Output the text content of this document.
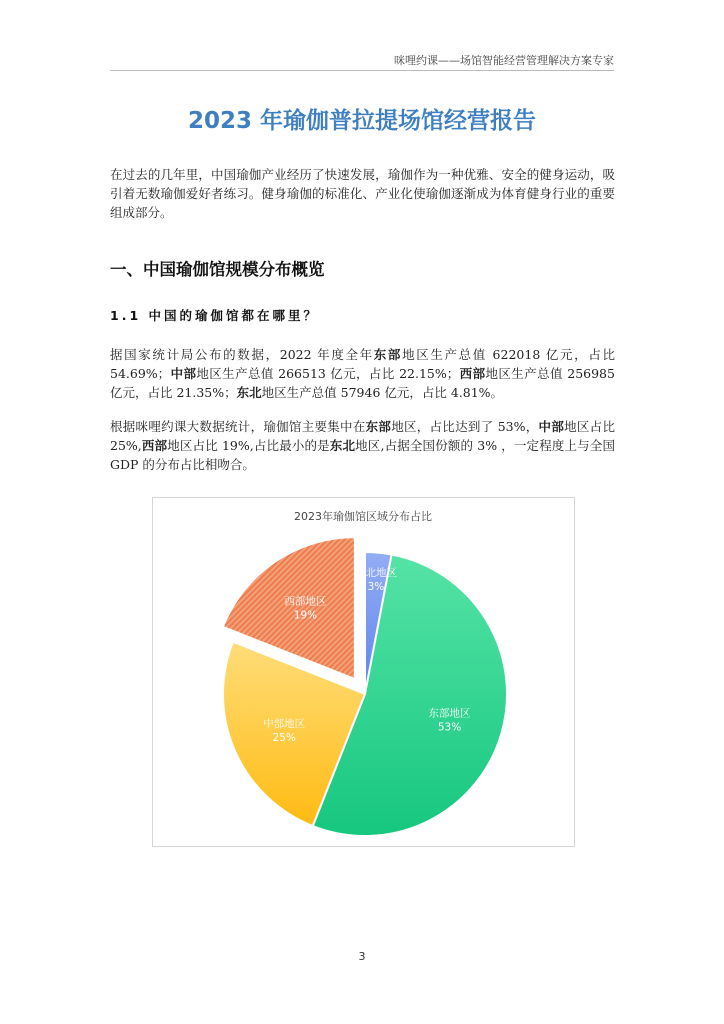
咪哩约课——场馆智能经营管理解决方案专家
2023 年瑜伽普拉提场馆经营报告

在过去的几年里，中国瑜伽产业经历了快速发展，瑜伽作为一种优雅、安全的健身运动，吸引着无数瑜伽爱好者练习。健身瑜伽的标准化、产业化使瑜伽逐渐成为体育健身行业的重要组成部分。

一、中国瑜伽馆规模分布概览
1.1 中国的瑜伽馆都在哪里？

据国家统计局公布的数据，2022 年度全年东部地区生产总值 622018 亿元，占比 54.69%；中部地区生产总值 266513 亿元，占比 22.15%；西部地区生产总值 256985 亿元，占比 21.35%；东北地区生产总值 57946 亿元，占比 4.81%。

根据咪哩约课大数据统计，瑜伽馆主要集中在东部地区，占比达到了 53%，中部地区占比 25%,西部地区占比 19%,占比最小的是东北地区,占据全国份额的 3% ，一定程度上与全国 GDP 的分布占比相吻合。

2023年瑜伽馆区域分布占比
东北地区
3%
东部地区
53%
中部地区
25%
西部地区
19%
3
